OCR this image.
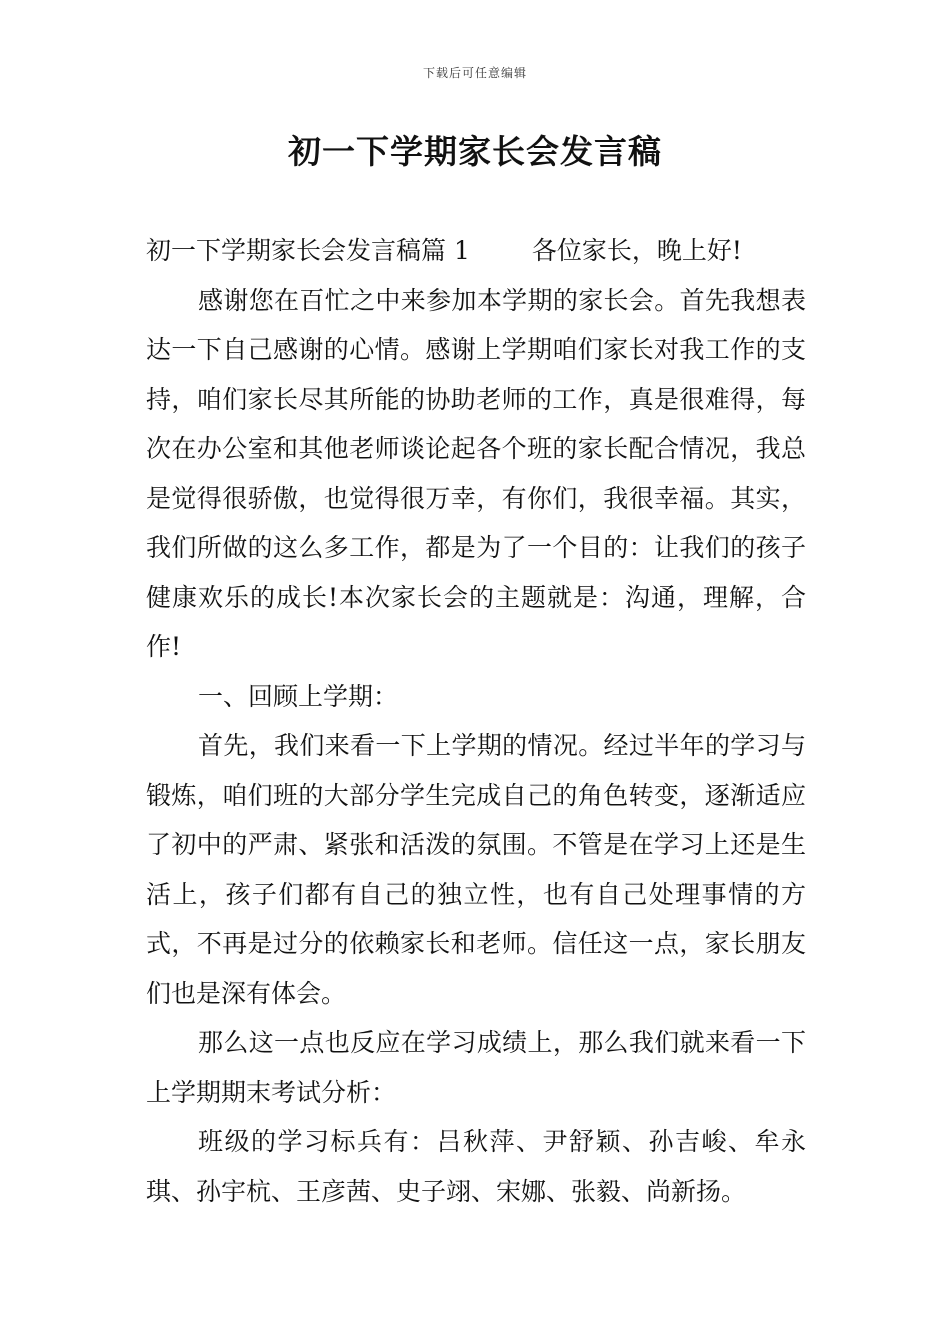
下载后可任意编辑
初一下学期家长会发言稿

初一下学期家长会发言稿篇 1 各位家长，晚上好!

感谢您在百忙之中来参加本学期的家长会。首先我想表达一下自己感谢的心情。感谢上学期咱们家长对我工作的支持，咱们家长尽其所能的协助老师的工作，真是很难得，每次在办公室和其他老师谈论起各个班的家长配合情况，我总是觉得很骄傲，也觉得很万幸，有你们，我很幸福。其实，我们所做的这么多工作，都是为了一个目的：让我们的孩子健康欢乐的成长!本次家长会的主题就是：沟通，理解，合作!

一、回顾上学期：

首先，我们来看一下上学期的情况。经过半年的学习与锻炼，咱们班的大部分学生完成自己的角色转变，逐渐适应了初中的严肃、紧张和活泼的氛围。不管是在学习上还是生活上，孩子们都有自己的独立性，也有自己处理事情的方式，不再是过分的依赖家长和老师。信任这一点，家长朋友们也是深有体会。

那么这一点也反应在学习成绩上，那么我们就来看一下上学期期末考试分析：

班级的学习标兵有：吕秋萍、尹舒颖、孙吉峻、牟永琪、孙宇杭、王彦茜、史子翊、宋娜、张毅、尚新扬。
